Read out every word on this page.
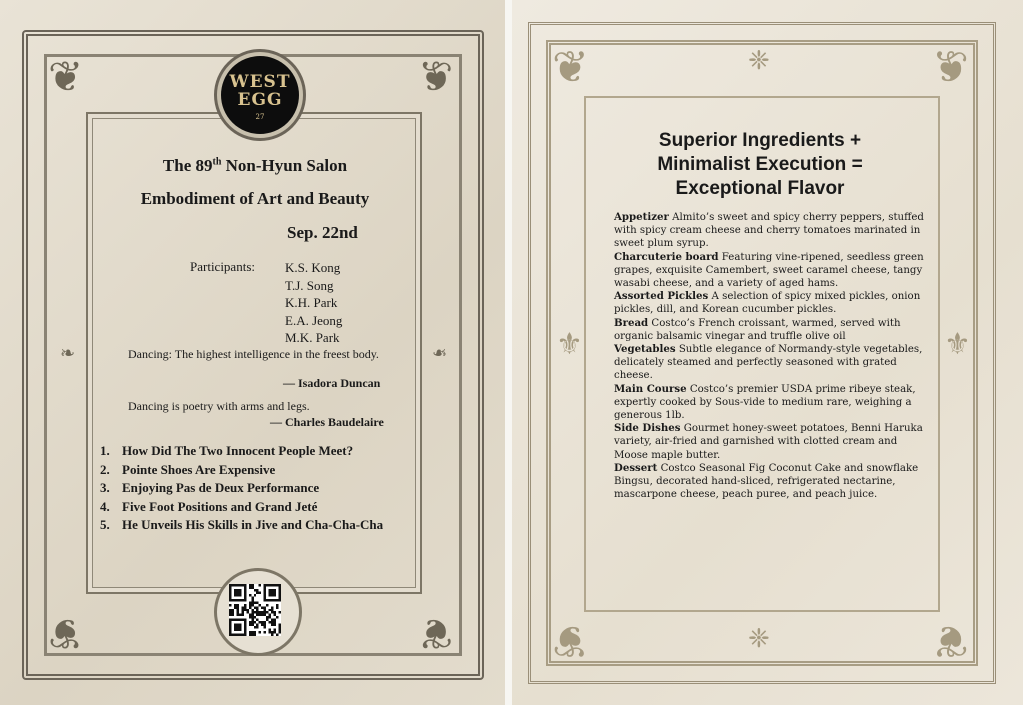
❦	❦
❦	❦
❧	❧
❦	❦
❦	❦
❈
❈
⚜	⚜
WEST
EGG
27
The 89th Non-Hyun Salon
Embodiment of Art and Beauty
Sep. 22nd
Participants: K.S. Kong
T.J. Song
K.H. Park
E.A. Jeong
M.K. Park
Dancing: The highest intelligence in the freest body.
— Isadora Duncan
Dancing is poetry with arms and legs.
— Charles Baudelaire
1. How Did The Two Innocent People Meet?
2. Pointe Shoes Are Expensive
3. Enjoying Pas de Deux Performance
4. Five Foot Positions and Grand Jeté
5. He Unveils His Skills in Jive and Cha-Cha-Cha
Superior Ingredients +
Minimalist Execution =
Exceptional Flavor

Appetizer Almito’s sweet and spicy cherry peppers, stuffed with spicy cream cheese and cherry tomatoes marinated in sweet plum syrup.

Charcuterie board Featuring vine-ripened, seedless green grapes, exquisite Camembert, sweet caramel cheese, tangy wasabi cheese, and a variety of aged hams.

Assorted Pickles A selection of spicy mixed pickles, onion pickles, dill, and Korean cucumber pickles.

Bread Costco’s French croissant, warmed, served with organic balsamic vinegar and truffle olive oil

Vegetables Subtle elegance of Normandy-style vegetables, delicately steamed and perfectly seasoned with grated cheese.

Main Course Costco’s premier USDA prime ribeye steak, expertly cooked by Sous-vide to medium rare, weighing a generous 1lb.

Side Dishes Gourmet honey-sweet potatoes, Benni Haruka variety, air-fried and garnished with clotted cream and Moose maple butter.

Dessert Costco Seasonal Fig Coconut Cake and snowflake Bingsu, decorated hand-sliced, refrigerated nectarine, mascarpone cheese, peach puree, and peach juice.
